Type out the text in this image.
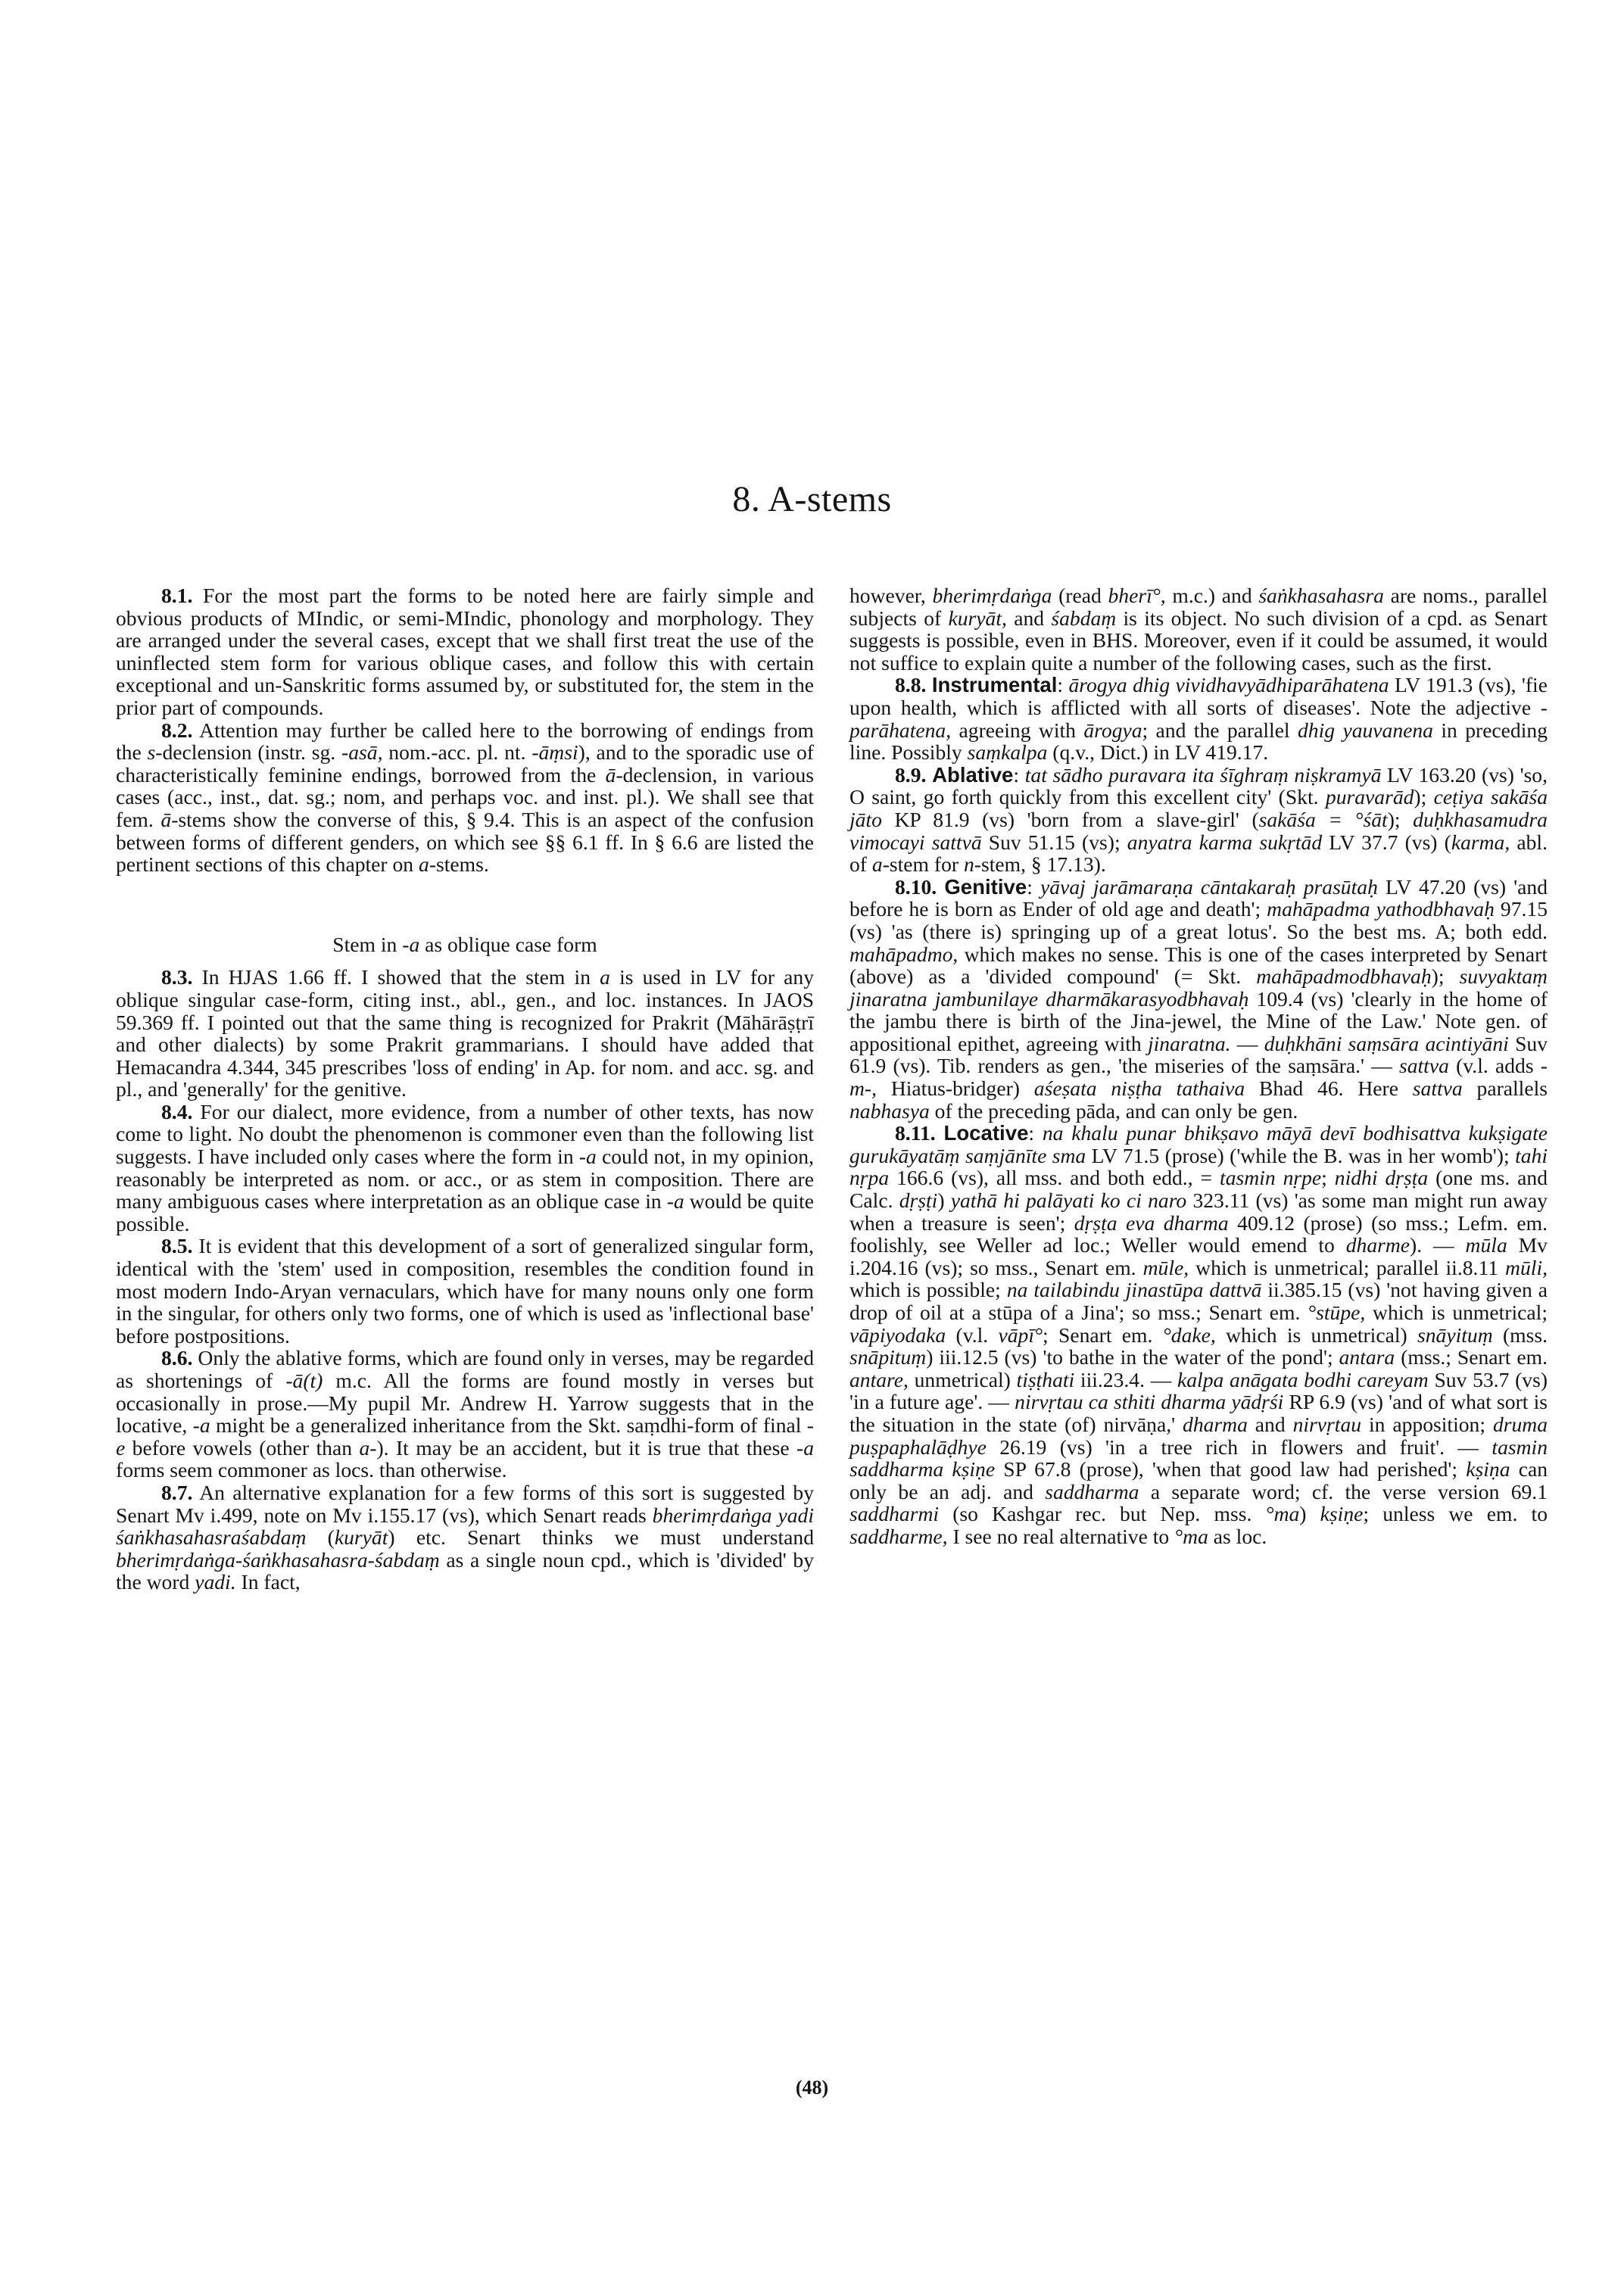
8. A-stems

8.1. For the most part the forms to be noted here are fairly simple and obvious products of MIndic, or semi-MIndic, phonology and morphology. They are arranged under the several cases, except that we shall first treat the use of the uninflected stem form for various oblique cases, and follow this with certain exceptional and un-Sanskritic forms assumed by, or substituted for, the stem in the prior part of compounds.

8.2. Attention may further be called here to the borrowing of endings from the s-declension (instr. sg. -asā, nom.-acc. pl. nt. -āṃsi), and to the sporadic use of characteristically feminine endings, borrowed from the ā-declension, in various cases (acc., inst., dat. sg.; nom, and perhaps voc. and inst. pl.). We shall see that fem. ā-stems show the converse of this, § 9.4. This is an aspect of the confusion between forms of different genders, on which see §§ 6.1 ff. In § 6.6 are listed the pertinent sections of this chapter on a-stems.

Stem in -a as oblique case form

8.3. In HJAS 1.66 ff. I showed that the stem in a is used in LV for any oblique singular case-form, citing inst., abl., gen., and loc. instances. In JAOS 59.369 ff. I pointed out that the same thing is recognized for Prakrit (Māhārāṣṭrī and other dialects) by some Prakrit grammarians. I should have added that Hemacandra 4.344, 345 prescribes 'loss of ending' in Ap. for nom. and acc. sg. and pl., and 'generally' for the genitive.

8.4. For our dialect, more evidence, from a number of other texts, has now come to light. No doubt the phenomenon is commoner even than the following list suggests. I have included only cases where the form in -a could not, in my opinion, reasonably be interpreted as nom. or acc., or as stem in composition. There are many ambiguous cases where interpretation as an oblique case in -a would be quite possible.

8.5. It is evident that this development of a sort of generalized singular form, identical with the 'stem' used in composition, resembles the condition found in most modern Indo-Aryan vernaculars, which have for many nouns only one form in the singular, for others only two forms, one of which is used as 'inflectional base' before postpositions.

8.6. Only the ablative forms, which are found only in verses, may be regarded as shortenings of -ā(t) m.c. All the forms are found mostly in verses but occasionally in prose.—My pupil Mr. Andrew H. Yarrow suggests that in the locative, -a might be a generalized inheritance from the Skt. saṃdhi-form of final -e before vowels (other than a-). It may be an accident, but it is true that these -a forms seem commoner as locs. than otherwise.

8.7. An alternative explanation for a few forms of this sort is suggested by Senart Mv i.499, note on Mv i.155.17 (vs), which Senart reads bherimṛdaṅga yadi śaṅkhasahasraśabdaṃ (kuryāt) etc. Senart thinks we must understand bherimṛdaṅga-śaṅkhasahasra-śabdaṃ as a single noun cpd., which is 'divided' by the word yadi. In fact,

however, bherimṛdaṅga (read bherī°, m.c.) and śaṅkhasahasra are noms., parallel subjects of kuryāt, and śabdaṃ is its object. No such division of a cpd. as Senart suggests is possible, even in BHS. Moreover, even if it could be assumed, it would not suffice to explain quite a number of the following cases, such as the first.

8.8. Instrumental: ārogya dhig vividhavyādhiparāhatena LV 191.3 (vs), 'fie upon health, which is afflicted with all sorts of diseases'. Note the adjective -parāhatena, agreeing with ārogya; and the parallel dhig yauvanena in preceding line. Possibly saṃkalpa (q.v., Dict.) in LV 419.17.

8.9. Ablative: tat sādho puravara ita śīghraṃ niṣkramyā LV 163.20 (vs) 'so, O saint, go forth quickly from this excellent city' (Skt. puravarād); ceṭiya sakāśa jāto KP 81.9 (vs) 'born from a slave-girl' (sakāśa = °śāt); duḥkhasamudra vimocayi sattvā Suv 51.15 (vs); anyatra karma sukṛtād LV 37.7 (vs) (karma, abl. of a-stem for n-stem, § 17.13).

8.10. Genitive: yāvaj jarāmaraṇa cāntakaraḥ prasūtaḥ LV 47.20 (vs) 'and before he is born as Ender of old age and death'; mahāpadma yathodbhavaḥ 97.15 (vs) 'as (there is) springing up of a great lotus'. So the best ms. A; both edd. mahāpadmo, which makes no sense. This is one of the cases interpreted by Senart (above) as a 'divided compound' (= Skt. mahāpadmodbhavaḥ); suvyaktaṃ jinaratna jambunilaye dharmākarasyodbhavaḥ 109.4 (vs) 'clearly in the home of the jambu there is birth of the Jina-jewel, the Mine of the Law.' Note gen. of appositional epithet, agreeing with jinaratna. — duḥkhāni saṃsāra acintiyāni Suv 61.9 (vs). Tib. renders as gen., 'the miseries of the saṃsāra.' — sattva (v.l. adds -m-, Hiatus-bridger) aśeṣata niṣṭha tathaiva Bhad 46. Here sattva parallels nabhasya of the preceding pāda, and can only be gen.

8.11. Locative: na khalu punar bhikṣavo māyā devī bodhisattva kukṣigate gurukāyatāṃ saṃjānīte sma LV 71.5 (prose) ('while the B. was in her womb'); tahi nṛpa 166.6 (vs), all mss. and both edd., = tasmin nṛpe; nidhi dṛṣṭa (one ms. and Calc. dṛṣṭi) yathā hi palāyati ko ci naro 323.11 (vs) 'as some man might run away when a treasure is seen'; dṛṣṭa eva dharma 409.12 (prose) (so mss.; Lefm. em. foolishly, see Weller ad loc.; Weller would emend to dharme). — mūla Mv i.204.16 (vs); so mss., Senart em. mūle, which is unmetrical; parallel ii.8.11 mūli, which is possible; na tailabindu jinastūpa dattvā ii.385.15 (vs) 'not having given a drop of oil at a stūpa of a Jina'; so mss.; Senart em. °stūpe, which is unmetrical; vāpiyodaka (v.l. vāpī°; Senart em. °dake, which is unmetrical) snāyituṃ (mss. snāpituṃ) iii.12.5 (vs) 'to bathe in the water of the pond'; antara (mss.; Senart em. antare, unmetrical) tiṣṭhati iii.23.4. — kalpa anāgata bodhi careyam Suv 53.7 (vs) 'in a future age'. — nirvṛtau ca sthiti dharma yādṛśi RP 6.9 (vs) 'and of what sort is the situation in the state (of) nirvāṇa,' dharma and nirvṛtau in apposition; druma puṣpaphalāḍhye 26.19 (vs) 'in a tree rich in flowers and fruit'. — tasmin saddharma kṣiṇe SP 67.8 (prose), 'when that good law had perished'; kṣiṇa can only be an adj. and saddharma a separate word; cf. the verse version 69.1 saddharmi (so Kashgar rec. but Nep. mss. °ma) kṣiṇe; unless we em. to saddharme, I see no real alternative to °ma as loc.

(48)
